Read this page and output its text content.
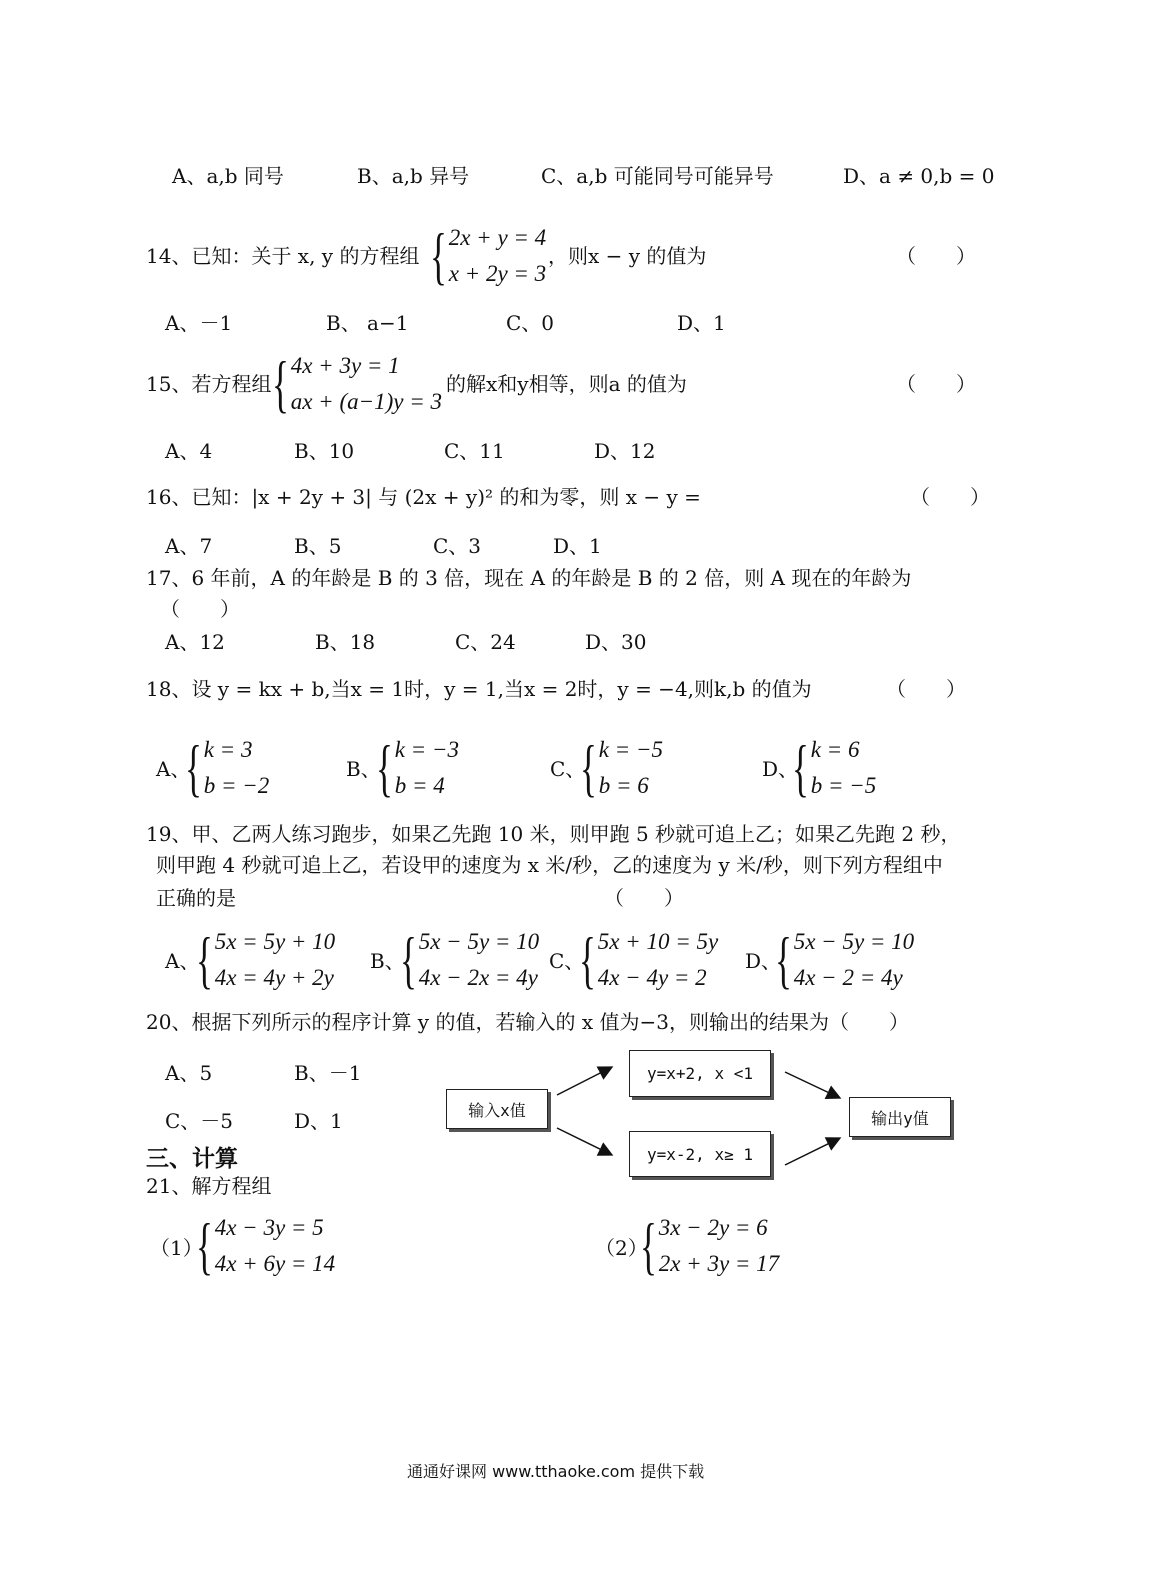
A、a,b 同号	B、a,b 异号	C、a,b 可能同号可能异号	D、a ≠ 0,b = 0
14、已知：关于 x, y 的方程组 { 2x + y = 4
x + 2y = 3
，则x − y 的值为	（　　）
A、－1	B、 a−1	C、0	D、1
15、若方程组 { 4x + 3y = 1
ax + (a−1)y = 3
的解x和y相等，则a 的值为	（　　）
A、4	B、10	C、11	D、12
16、已知：|x + 2y + 3| 与 (2x + y)² 的和为零，则 x − y =	（　　）
A、7	B、5	C、3	D、1
17、6 年前，A 的年龄是 B 的 3 倍，现在 A 的年龄是 B 的 2 倍，则 A 现在的年龄为
（　　）
A、12	B、18	C、24	D、30
18、设 y = kx + b,当x = 1时，y = 1,当x = 2时，y = −4,则k,b 的值为	（　　）
A、
{ k = 3
b = −2
B、
{ k = −3
b = 4
C、
{ k = −5
b = 6
D、
{ k = 6
b = −5
19、甲、乙两人练习跑步，如果乙先跑 10 米，则甲跑 5 秒就可追上乙；如果乙先跑 2 秒，
则甲跑 4 秒就可追上乙，若设甲的速度为 x 米/秒，乙的速度为 y 米/秒，则下列方程组中
正确的是	（　　）
A、
{ 5x = 5y + 10
4x = 4y + 2y
B、
{ 5x − 5y = 10
4x − 2x = 4y
C、
{ 5x + 10 = 5y
4x − 4y = 2
D、
{ 5x − 5y = 10
4x − 2 = 4y
20、根据下列所示的程序计算 y 的值，若输入的 x 值为−3，则输出的结果为（　　）
A、5	B、－1
C、－5	D、1	输入x值
y=x+2, x <1
y=x-2, x≥ 1
输出y值
三、计算
21、解方程组
（1）
{ 4x − 3y = 5
4x + 6y = 14
（2）
{ 3x − 2y = 6
2x + 3y = 17
通通好课网 www.tthaoke.com 提供下载
